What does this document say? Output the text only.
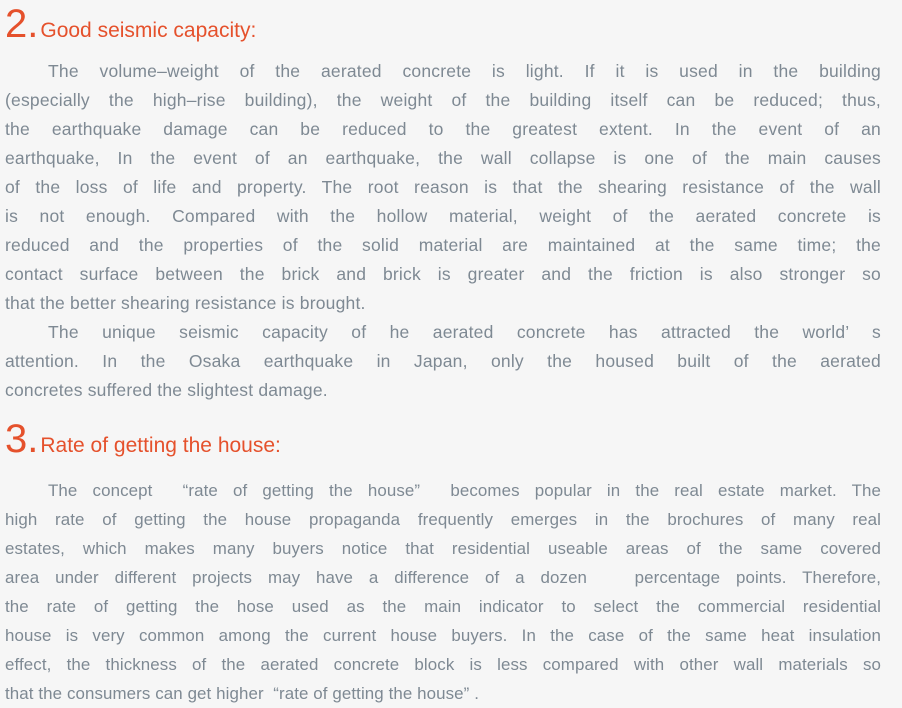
2.Good seismic capacity:
The volume–weight of the aerated concrete is light. If it is used in the building
(especially the high–rise building), the weight of the building itself can be reduced; thus,
the earthquake damage can be reduced to the greatest extent. In the event of an
earthquake, In the event of an earthquake, the wall collapse is one of the main causes
of the loss of life and property. The root reason is that the shearing resistance of the wall
is not enough. Compared with the hollow material, weight of the aerated concrete is
reduced and the properties of the solid material are maintained at the same time; the
contact surface between the brick and brick is greater and the friction is also stronger so
that the better shearing resistance is brought.
The unique seismic capacity of he aerated concrete has attracted the world’ s
attention. In the Osaka earthquake in Japan, only the housed built of the aerated
concretes suffered the slightest damage.
3.Rate of getting the house:
The concept  “rate of getting the house”  becomes popular in the real estate market. The
high rate of getting the house propaganda frequently emerges in the brochures of many real
estates, which makes many buyers notice that residential useable areas of the same covered
area under different projects may have a difference of a dozen   percentage points. Therefore,
the rate of getting the hose used as the main indicator to select the commercial residential
house is very common among the current house buyers. In the case of the same heat insulation
effect, the thickness of the aerated concrete block is less compared with other wall materials so
that the consumers can get higher  “rate of getting the house” .
